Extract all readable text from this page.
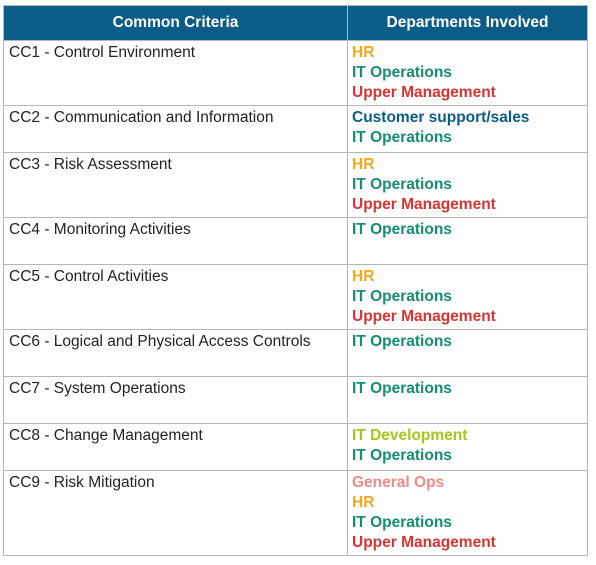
Common Criteria	Departments Involved
CC1 - Control Environment	HR
IT Operations
Upper Management

CC2 - Communication and Information	Customer support/sales
IT Operations

CC3 - Risk Assessment	HR
IT Operations
Upper Management

CC4 - Monitoring Activities	IT Operations

CC5 - Control Activities	HR
IT Operations
Upper Management

CC6 - Logical and Physical Access Controls	IT Operations

CC7 - System Operations	IT Operations

CC8 - Change Management	IT Development
IT Operations

CC9 - Risk Mitigation	General Ops
HR
IT Operations
Upper Management
